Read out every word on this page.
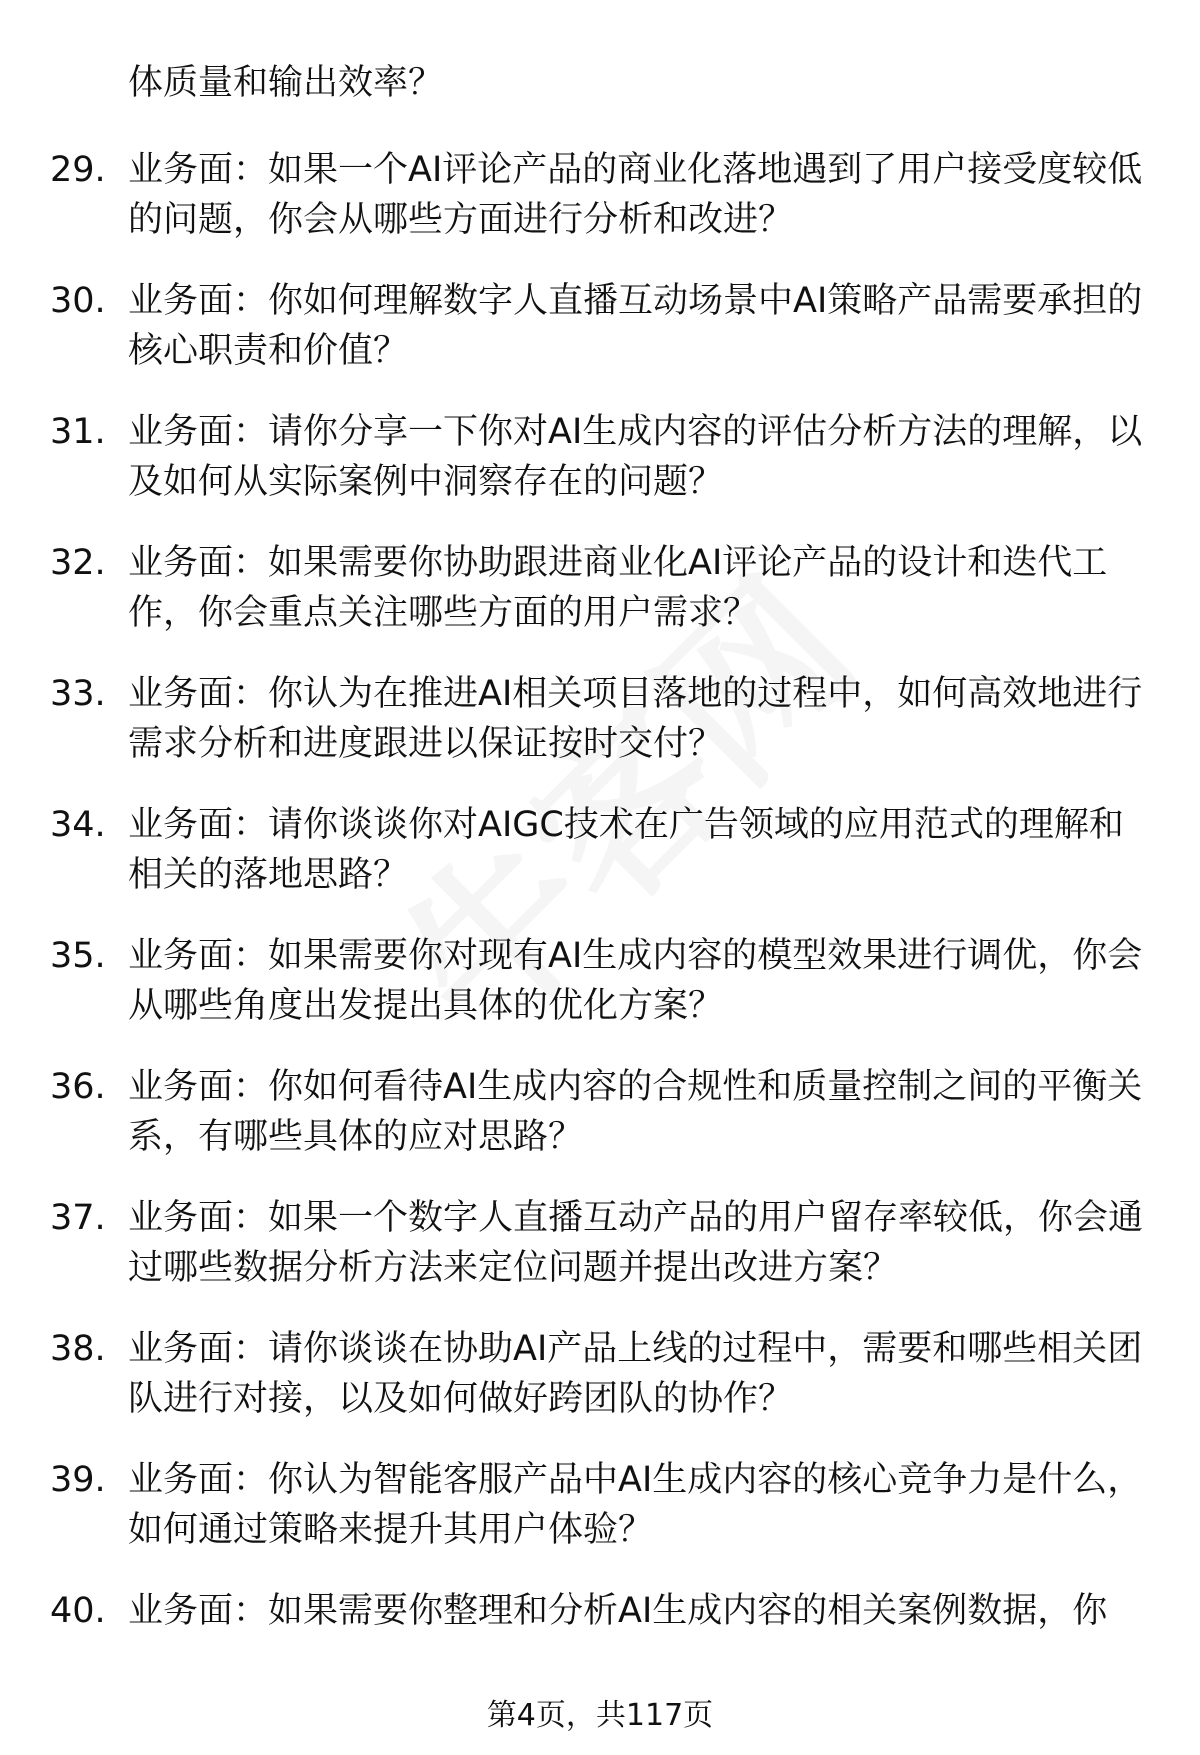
体质量和输出效率？

29. 业务面：如果一个AI评论产品的商业化落地遇到了用户接受度较低的问题，你会从哪些方面进行分析和改进？

30. 业务面：你如何理解数字人直播互动场景中AI策略产品需要承担的核心职责和价值？

31. 业务面：请你分享一下你对AI生成内容的评估分析方法的理解，以及如何从实际案例中洞察存在的问题？

32. 业务面：如果需要你协助跟进商业化AI评论产品的设计和迭代工作，你会重点关注哪些方面的用户需求？

33. 业务面：你认为在推进AI相关项目落地的过程中，如何高效地进行需求分析和进度跟进以保证按时交付？

34. 业务面：请你谈谈你对AIGC技术在广告领域的应用范式的理解和相关的落地思路？

35. 业务面：如果需要你对现有AI生成内容的模型效果进行调优，你会从哪些角度出发提出具体的优化方案？

36. 业务面：你如何看待AI生成内容的合规性和质量控制之间的平衡关系，有哪些具体的应对思路？

37. 业务面：如果一个数字人直播互动产品的用户留存率较低，你会通过哪些数据分析方法来定位问题并提出改进方案？

38. 业务面：请你谈谈在协助AI产品上线的过程中，需要和哪些相关团队进行对接，以及如何做好跨团队的协作？

39. 业务面：你认为智能客服产品中AI生成内容的核心竞争力是什么，如何通过策略来提升其用户体验？

40. 业务面：如果需要你整理和分析AI生成内容的相关案例数据，你

第4页，共117页
